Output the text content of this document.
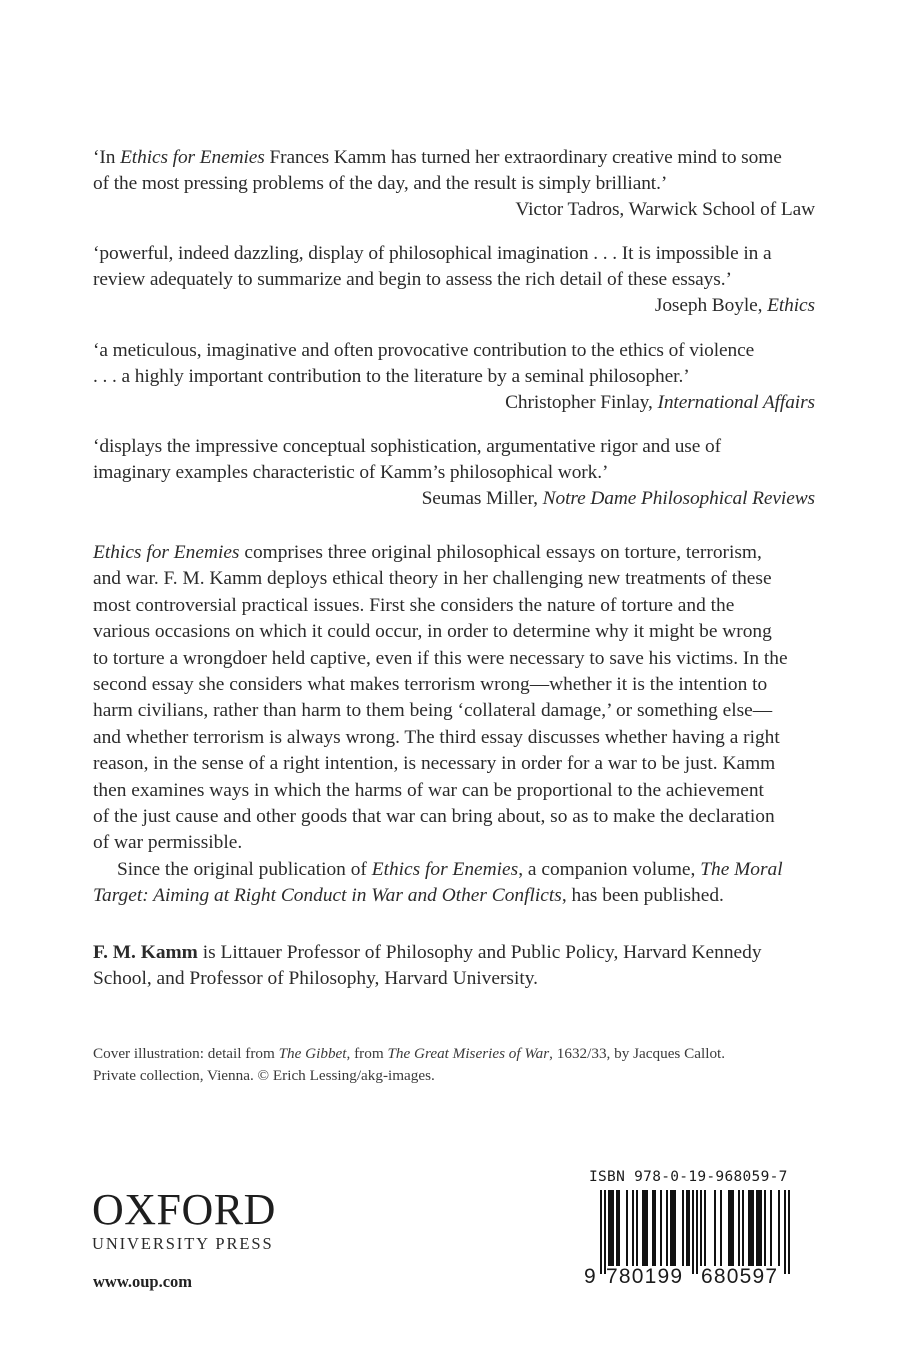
‘In Ethics for Enemies Frances Kamm has turned her extraordinary creative mind to some
of the most pressing problems of the day, and the result is simply brilliant.’
Victor Tadros, Warwick School of Law
‘powerful, indeed dazzling, display of philosophical imagination . . . It is impossible in a
review adequately to summarize and begin to assess the rich detail of these essays.’
Joseph Boyle, Ethics
‘a meticulous, imaginative and often provocative contribution to the ethics of violence
. . . a highly important contribution to the literature by a seminal philosopher.’
Christopher Finlay, International Affairs
‘displays the impressive conceptual sophistication, argumentative rigor and use of
imaginary examples characteristic of Kamm’s philosophical work.’
Seumas Miller, Notre Dame Philosophical Reviews
Ethics for Enemies comprises three original philosophical essays on torture, terrorism,
and war. F. M. Kamm deploys ethical theory in her challenging new treatments of these
most controversial practical issues. First she considers the nature of torture and the
various occasions on which it could occur, in order to determine why it might be wrong
to torture a wrongdoer held captive, even if this were necessary to save his victims. In the
second essay she considers what makes terrorism wrong—whether it is the intention to
harm civilians, rather than harm to them being ‘collateral damage,’ or something else—
and whether terrorism is always wrong. The third essay discusses whether having a right
reason, in the sense of a right intention, is necessary in order for a war to be just. Kamm
then examines ways in which the harms of war can be proportional to the achievement
of the just cause and other goods that war can bring about, so as to make the declaration
of war permissible.
Since the original publication of Ethics for Enemies, a companion volume, The Moral
Target: Aiming at Right Conduct in War and Other Conflicts, has been published.
F. M. Kamm is Littauer Professor of Philosophy and Public Policy, Harvard Kennedy
School, and Professor of Philosophy, Harvard University.
Cover illustration: detail from The Gibbet, from The Great Miseries of War, 1632/33, by Jacques Callot.
Private collection, Vienna. © Erich Lessing/akg-images.
OXFORD
UNIVERSITY PRESS
www.oup.com
ISBN 978-0-19-968059-7
9 780199 680597
